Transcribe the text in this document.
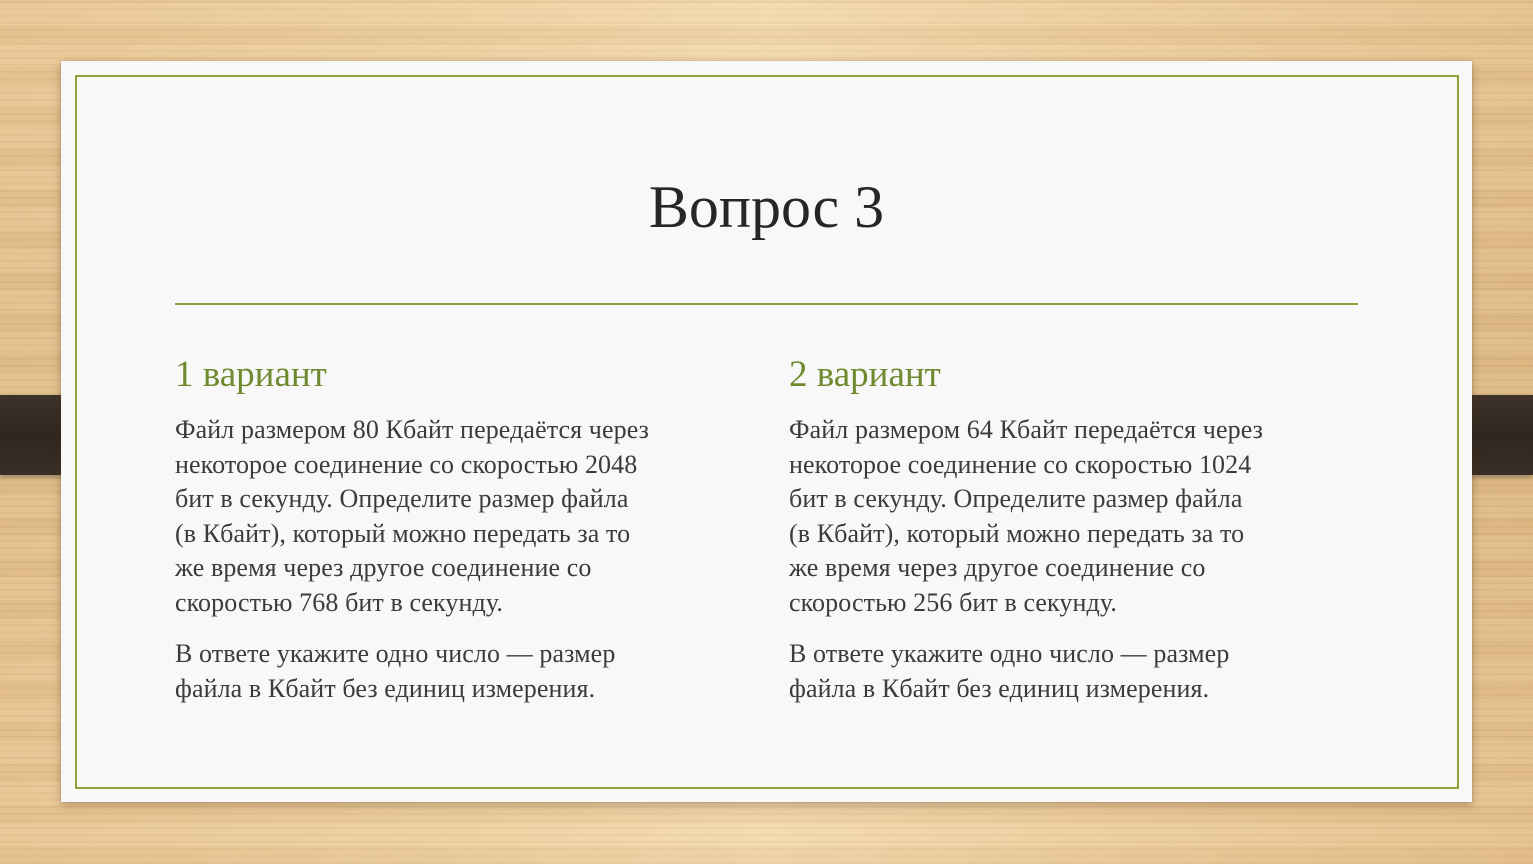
Вопрос 3
1 вариант

Файл размером 80 Кбайт передаётся через
некоторое соединение со скоростью 2048
бит в секунду. Определите размер файла
(в Кбайт), который можно передать за то
же время через другое соединение со
скоростью 768 бит в секунду.

В ответе укажите одно число — размер
файла в Кбайт без единиц измерения.

2 вариант

Файл размером 64 Кбайт передаётся через
некоторое соединение со скоростью 1024
бит в секунду. Определите размер файла
(в Кбайт), который можно передать за то
же время через другое соединение со
скоростью 256 бит в секунду.

В ответе укажите одно число — размер
файла в Кбайт без единиц измерения.
